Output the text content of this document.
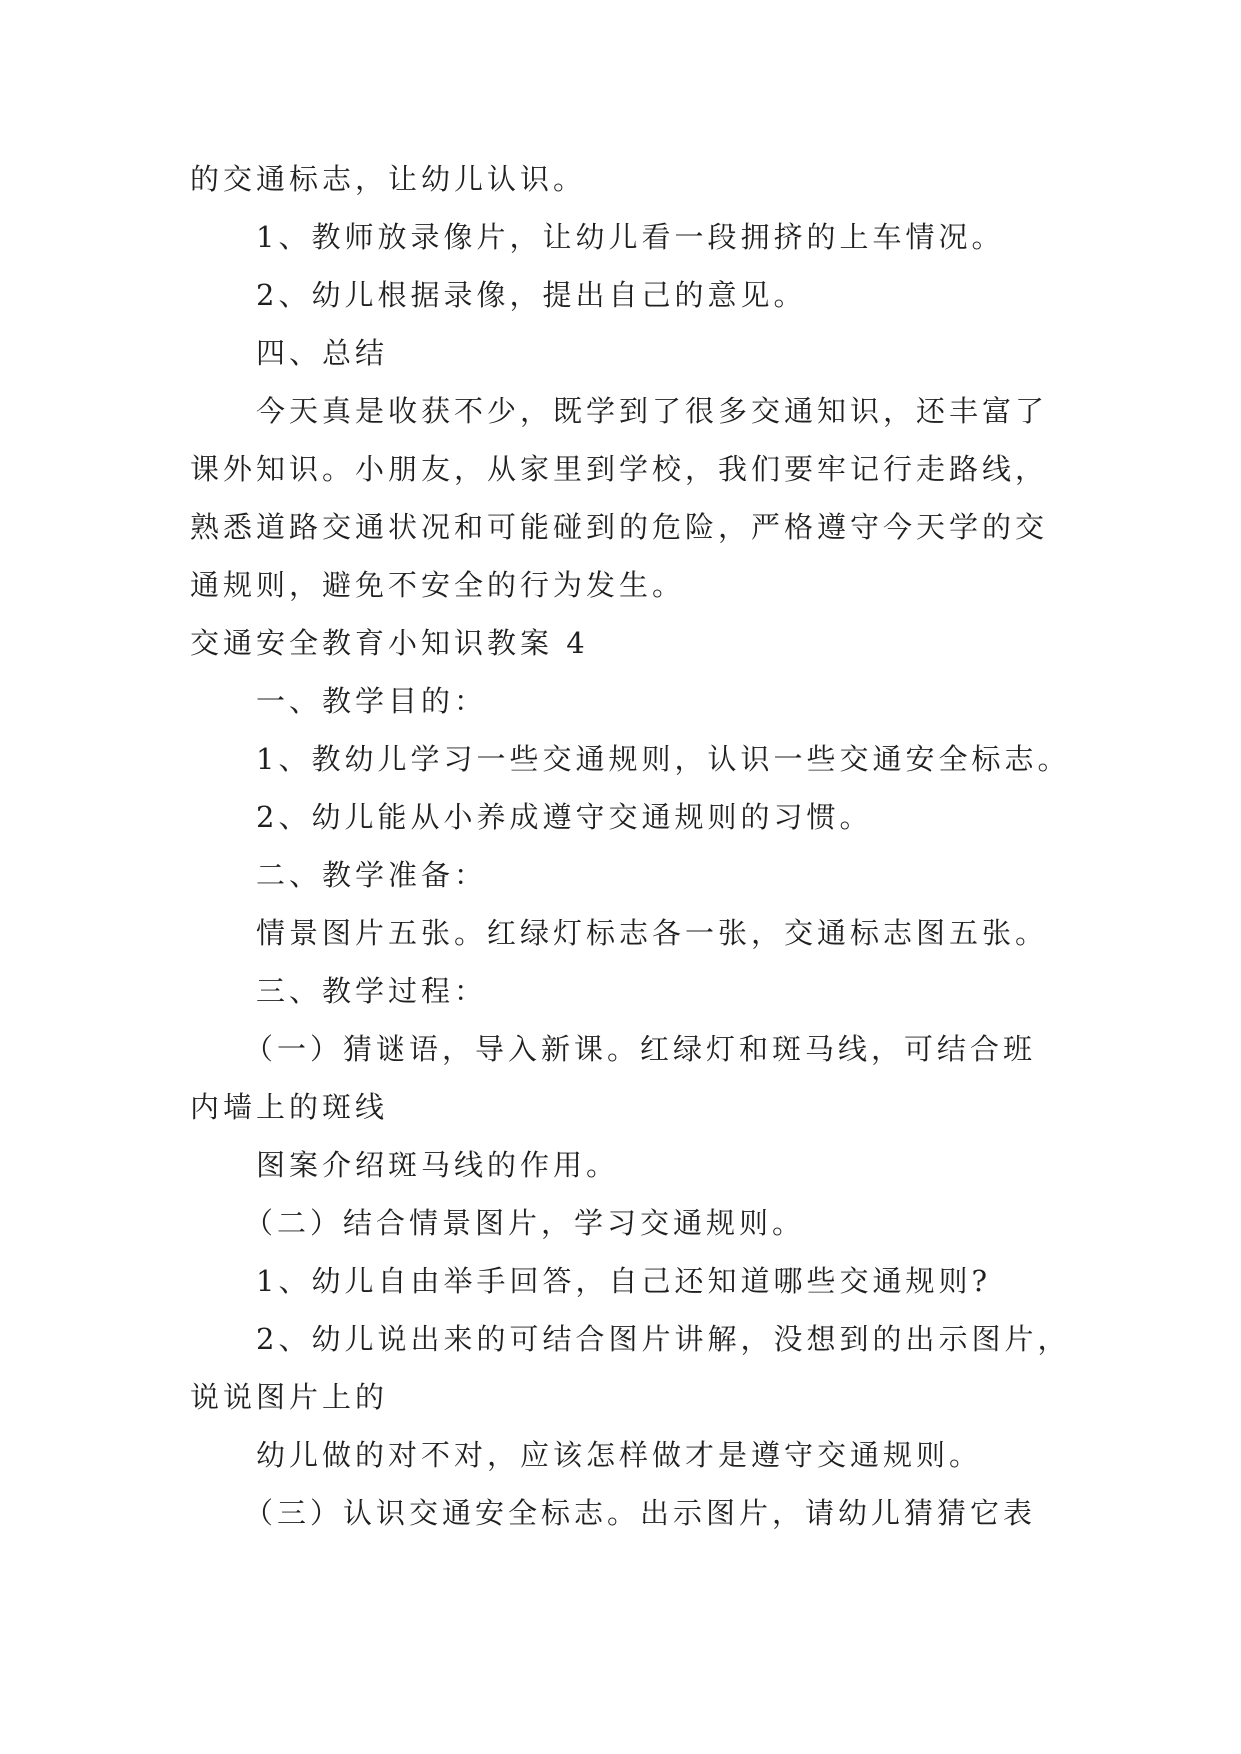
的交通标志，让幼儿认识。
1、教师放录像片，让幼儿看一段拥挤的上车情况。
2、幼儿根据录像，提出自己的意见。
四、总结
今天真是收获不少，既学到了很多交通知识，还丰富了
课外知识。小朋友，从家里到学校，我们要牢记行走路线，
熟悉道路交通状况和可能碰到的危险，严格遵守今天学的交
通规则，避免不安全的行为发生。
交通安全教育小知识教案 4
一、教学目的：
1、教幼儿学习一些交通规则，认识一些交通安全标志。
2、幼儿能从小养成遵守交通规则的习惯。
二、教学准备：
情景图片五张。红绿灯标志各一张，交通标志图五张。
三、教学过程：
（一）猜谜语，导入新课。红绿灯和斑马线，可结合班
内墙上的斑线
图案介绍斑马线的作用。
（二）结合情景图片，学习交通规则。
1、幼儿自由举手回答，自己还知道哪些交通规则?
2、幼儿说出来的可结合图片讲解，没想到的出示图片，
说说图片上的
幼儿做的对不对，应该怎样做才是遵守交通规则。
（三）认识交通安全标志。出示图片，请幼儿猜猜它表
